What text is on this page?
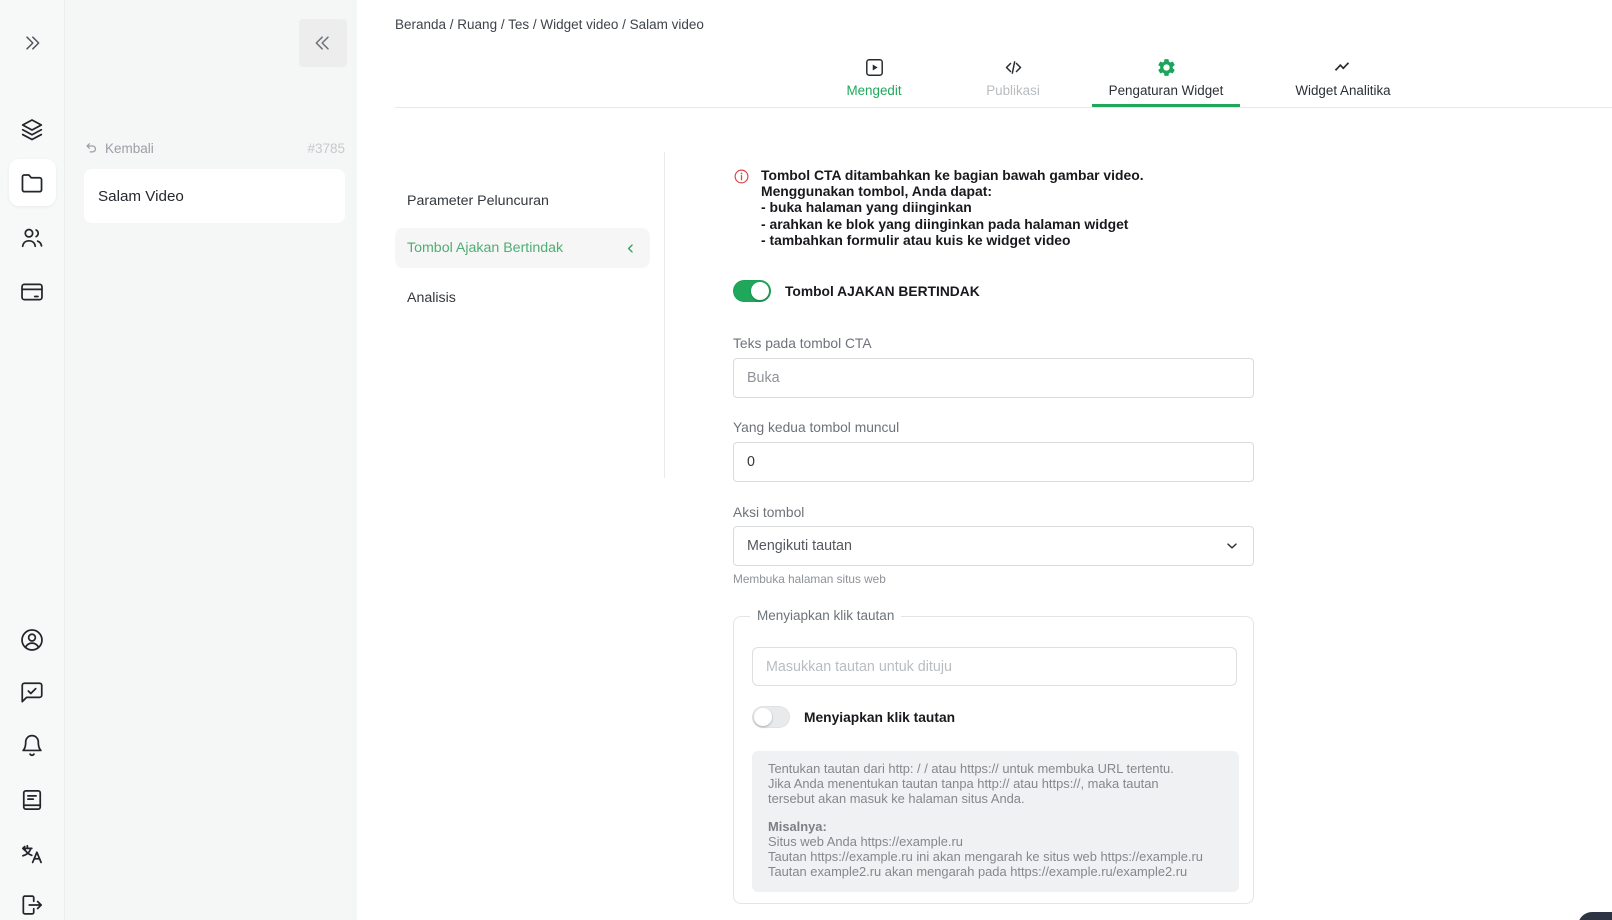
Kembali	#3785
Salam Video
Beranda / Ruang / Tes / Widget video / Salam video
Mengedit	Publikasi	Pengaturan Widget	Widget Analitika
Parameter Peluncuran
Tombol Ajakan Bertindak
Analisis
Tombol CTA ditambahkan ke bagian bawah gambar video.
Menggunakan tombol, Anda dapat:
- buka halaman yang diinginkan
- arahkan ke blok yang diinginkan pada halaman widget
- tambahkan formulir atau kuis ke widget video
Tombol AJAKAN BERTINDAK
Teks pada tombol CTA
Buka
Yang kedua tombol muncul
0
Aksi tombol
Mengikuti tautan
Membuka halaman situs web
Menyiapkan klik tautan
Masukkan tautan untuk dituju
Menyiapkan klik tautan
Tentukan tautan dari http: / / atau https:// untuk membuka URL tertentu.
Jika Anda menentukan tautan tanpa http:// atau https://, maka tautan
tersebut akan masuk ke halaman situs Anda.
Misalnya:
Situs web Anda https://example.ru
Tautan https://example.ru ini akan mengarah ke situs web https://example.ru
Tautan example2.ru akan mengarah pada https://example.ru/example2.ru
